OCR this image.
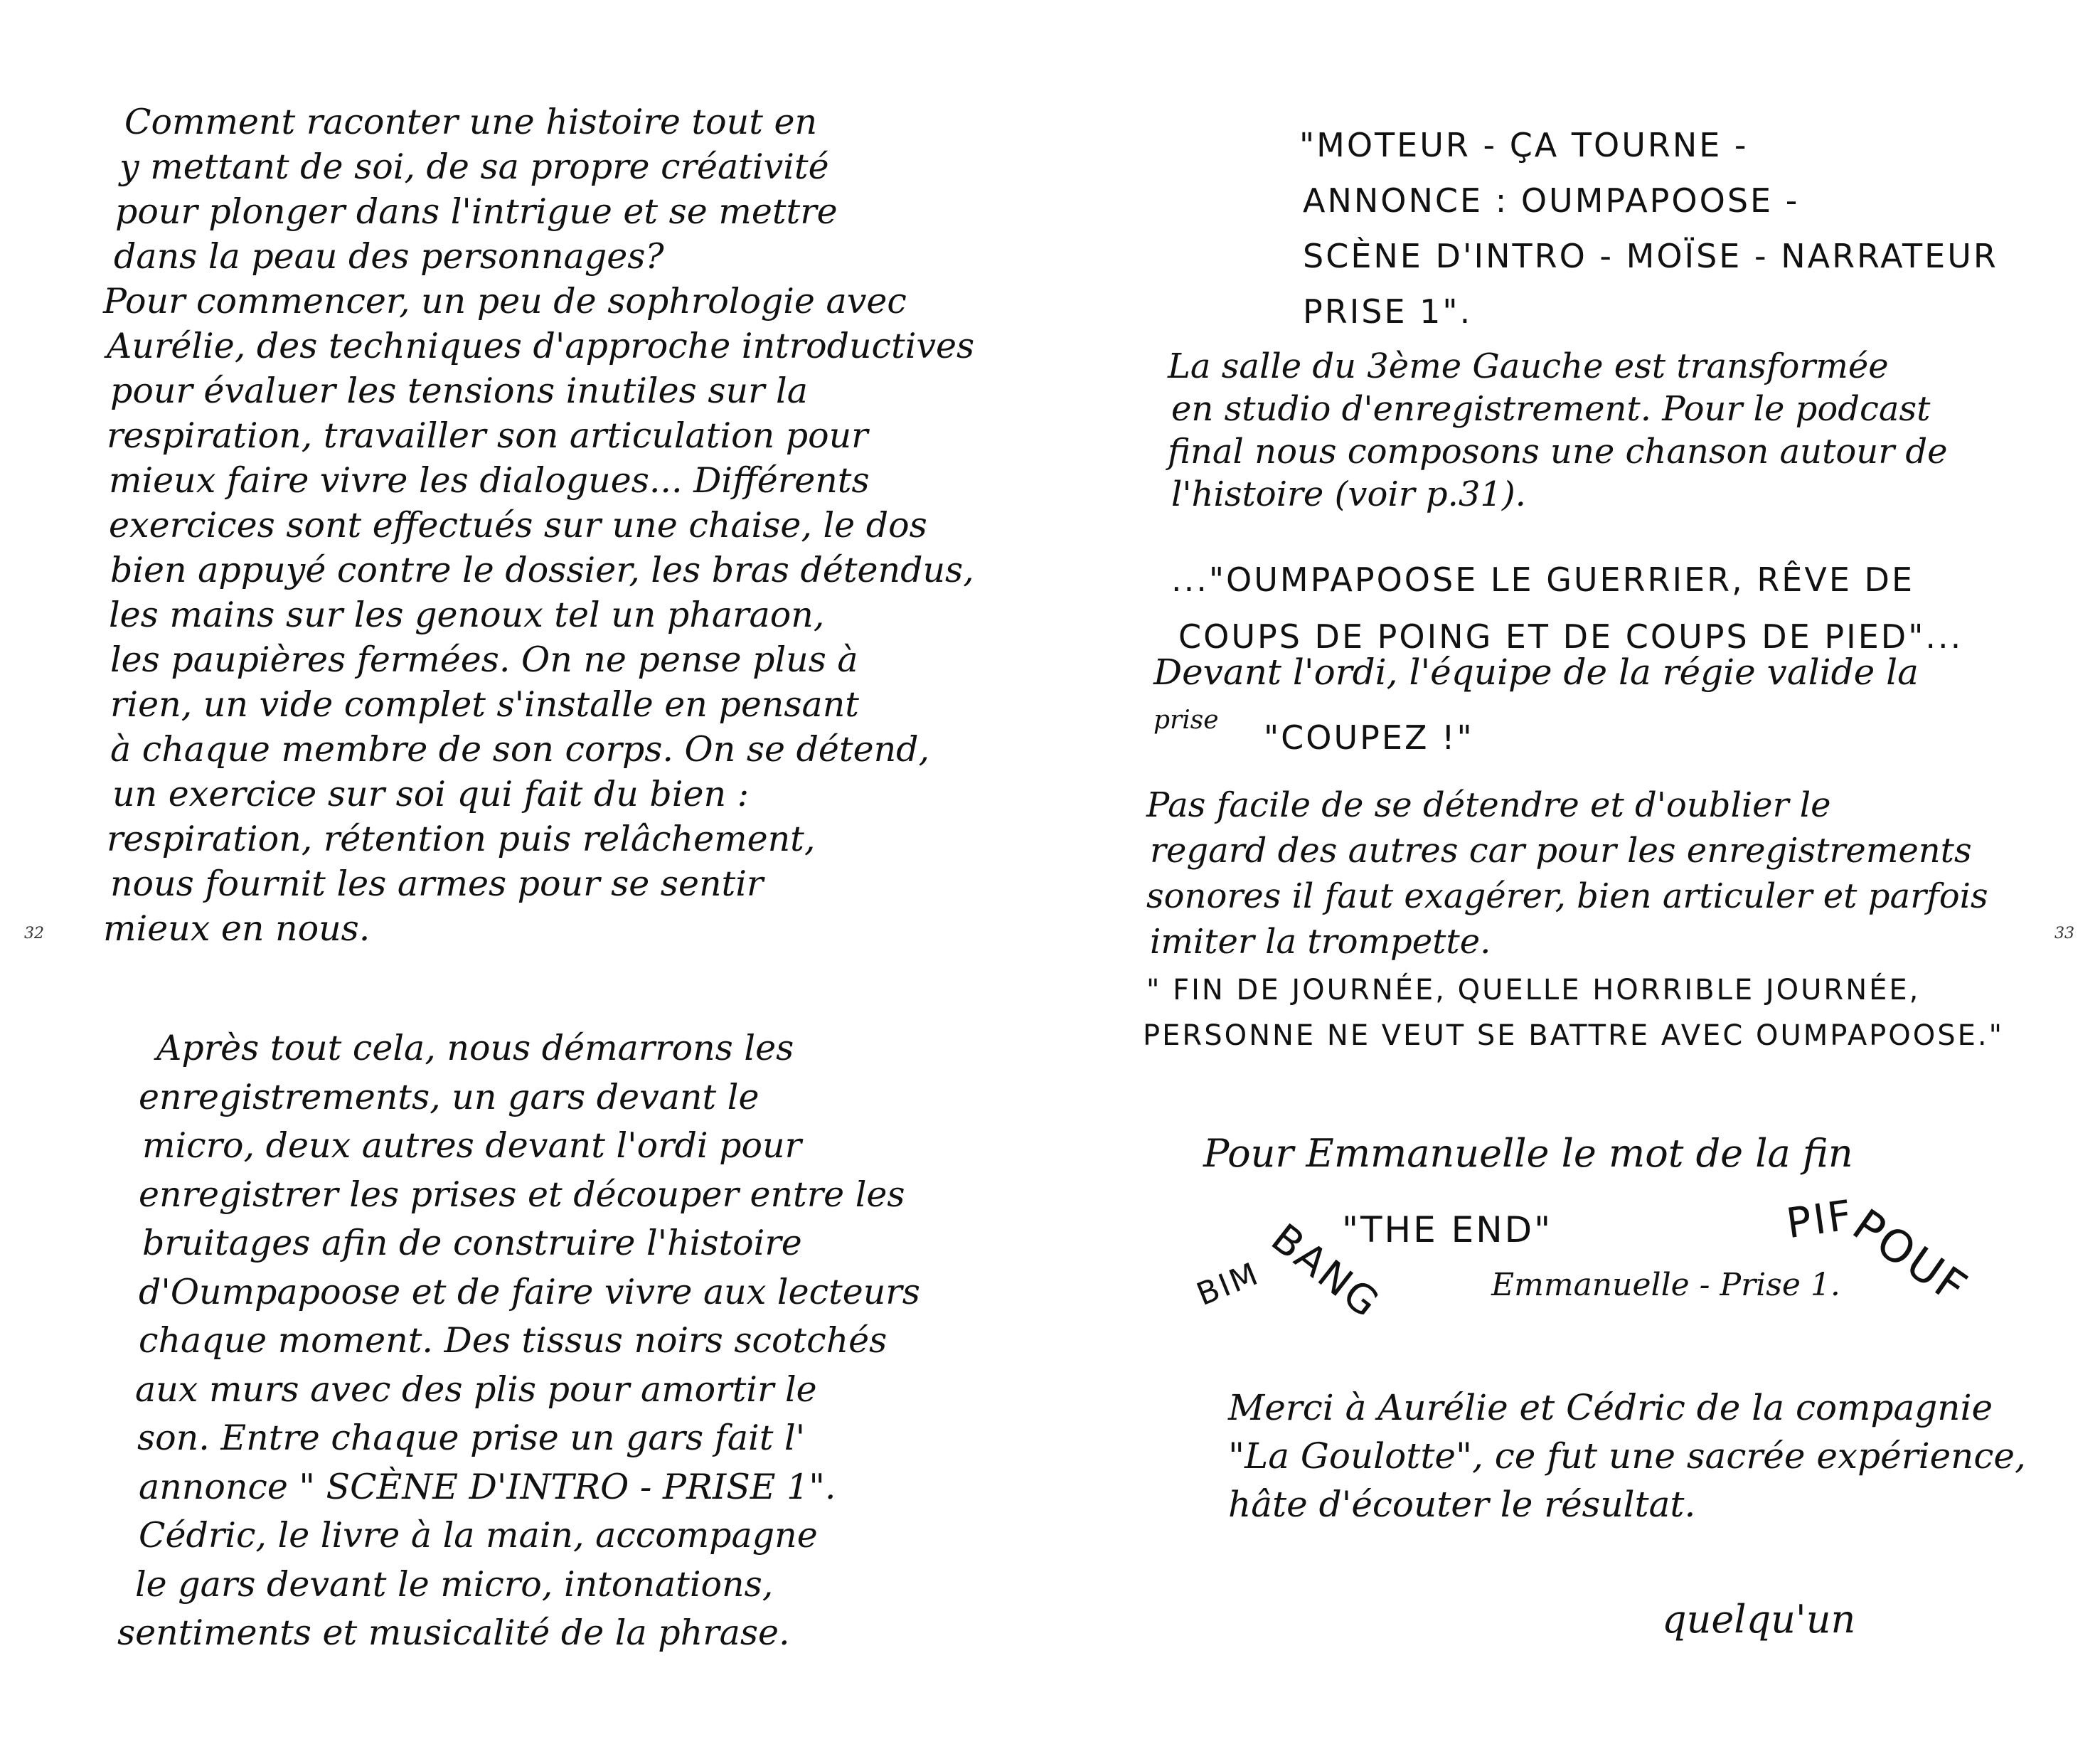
32
Comment raconter une histoire tout en
y mettant de soi, de sa propre créativité
pour plonger dans l'intrigue et se mettre
dans la peau des personnages?
Pour commencer, un peu de sophrologie avec
Aurélie, des techniques d'approche introductives
pour évaluer les tensions inutiles sur la
respiration, travailler son articulation pour
mieux faire vivre les dialogues... Différents
exercices sont effectués sur une chaise, le dos
bien appuyé contre le dossier, les bras détendus,
les mains sur les genoux tel un pharaon,
les paupières fermées. On ne pense plus à
rien, un vide complet s'installe en pensant
à chaque membre de son corps. On se détend,
un exercice sur soi qui fait du bien :
respiration, rétention puis relâchement,
nous fournit les armes pour se sentir
mieux en nous.
Après tout cela, nous démarrons les
enregistrements, un gars devant le
micro, deux autres devant l'ordi pour
enregistrer les prises et découper entre les
bruitages afin de construire l'histoire
d'Oumpapoose et de faire vivre aux lecteurs
chaque moment. Des tissus noirs scotchés
aux murs avec des plis pour amortir le
son. Entre chaque prise un gars fait l'
annonce " SCÈNE D'INTRO - PRISE 1".
Cédric, le livre à la main, accompagne
le gars devant le micro, intonations,
sentiments et musicalité de la phrase.
33
"MOTEUR - ÇA TOURNE -
ANNONCE : OUMPAPOOSE -
SCÈNE D'INTRO - MOÏSE - NARRATEUR
PRISE 1".
La salle du 3ème Gauche est transformée
en studio d'enregistrement. Pour le podcast
final nous composons une chanson autour de
l'histoire (voir p.31).
..."OUMPAPOOSE LE GUERRIER, RÊVE DE
COUPS DE POING ET DE COUPS DE PIED"...
Devant l'ordi, l'équipe de la régie valide la
prise "COUPEZ !"
Pas facile de se détendre et d'oublier le
regard des autres car pour les enregistrements
sonores il faut exagérer, bien articuler et parfois
imiter la trompette.
" FIN DE JOURNÉE, QUELLE HORRIBLE JOURNÉE,
PERSONNE NE VEUT SE BATTRE AVEC OUMPAPOOSE."
Pour Emmanuelle le mot de la fin
BIM
BANG
"THE END"
Emmanuelle - Prise 1.
PIF
POUF
Merci à Aurélie et Cédric de la compagnie
"La Goulotte", ce fut une sacrée expérience,
hâte d'écouter le résultat.
quelqu'un
